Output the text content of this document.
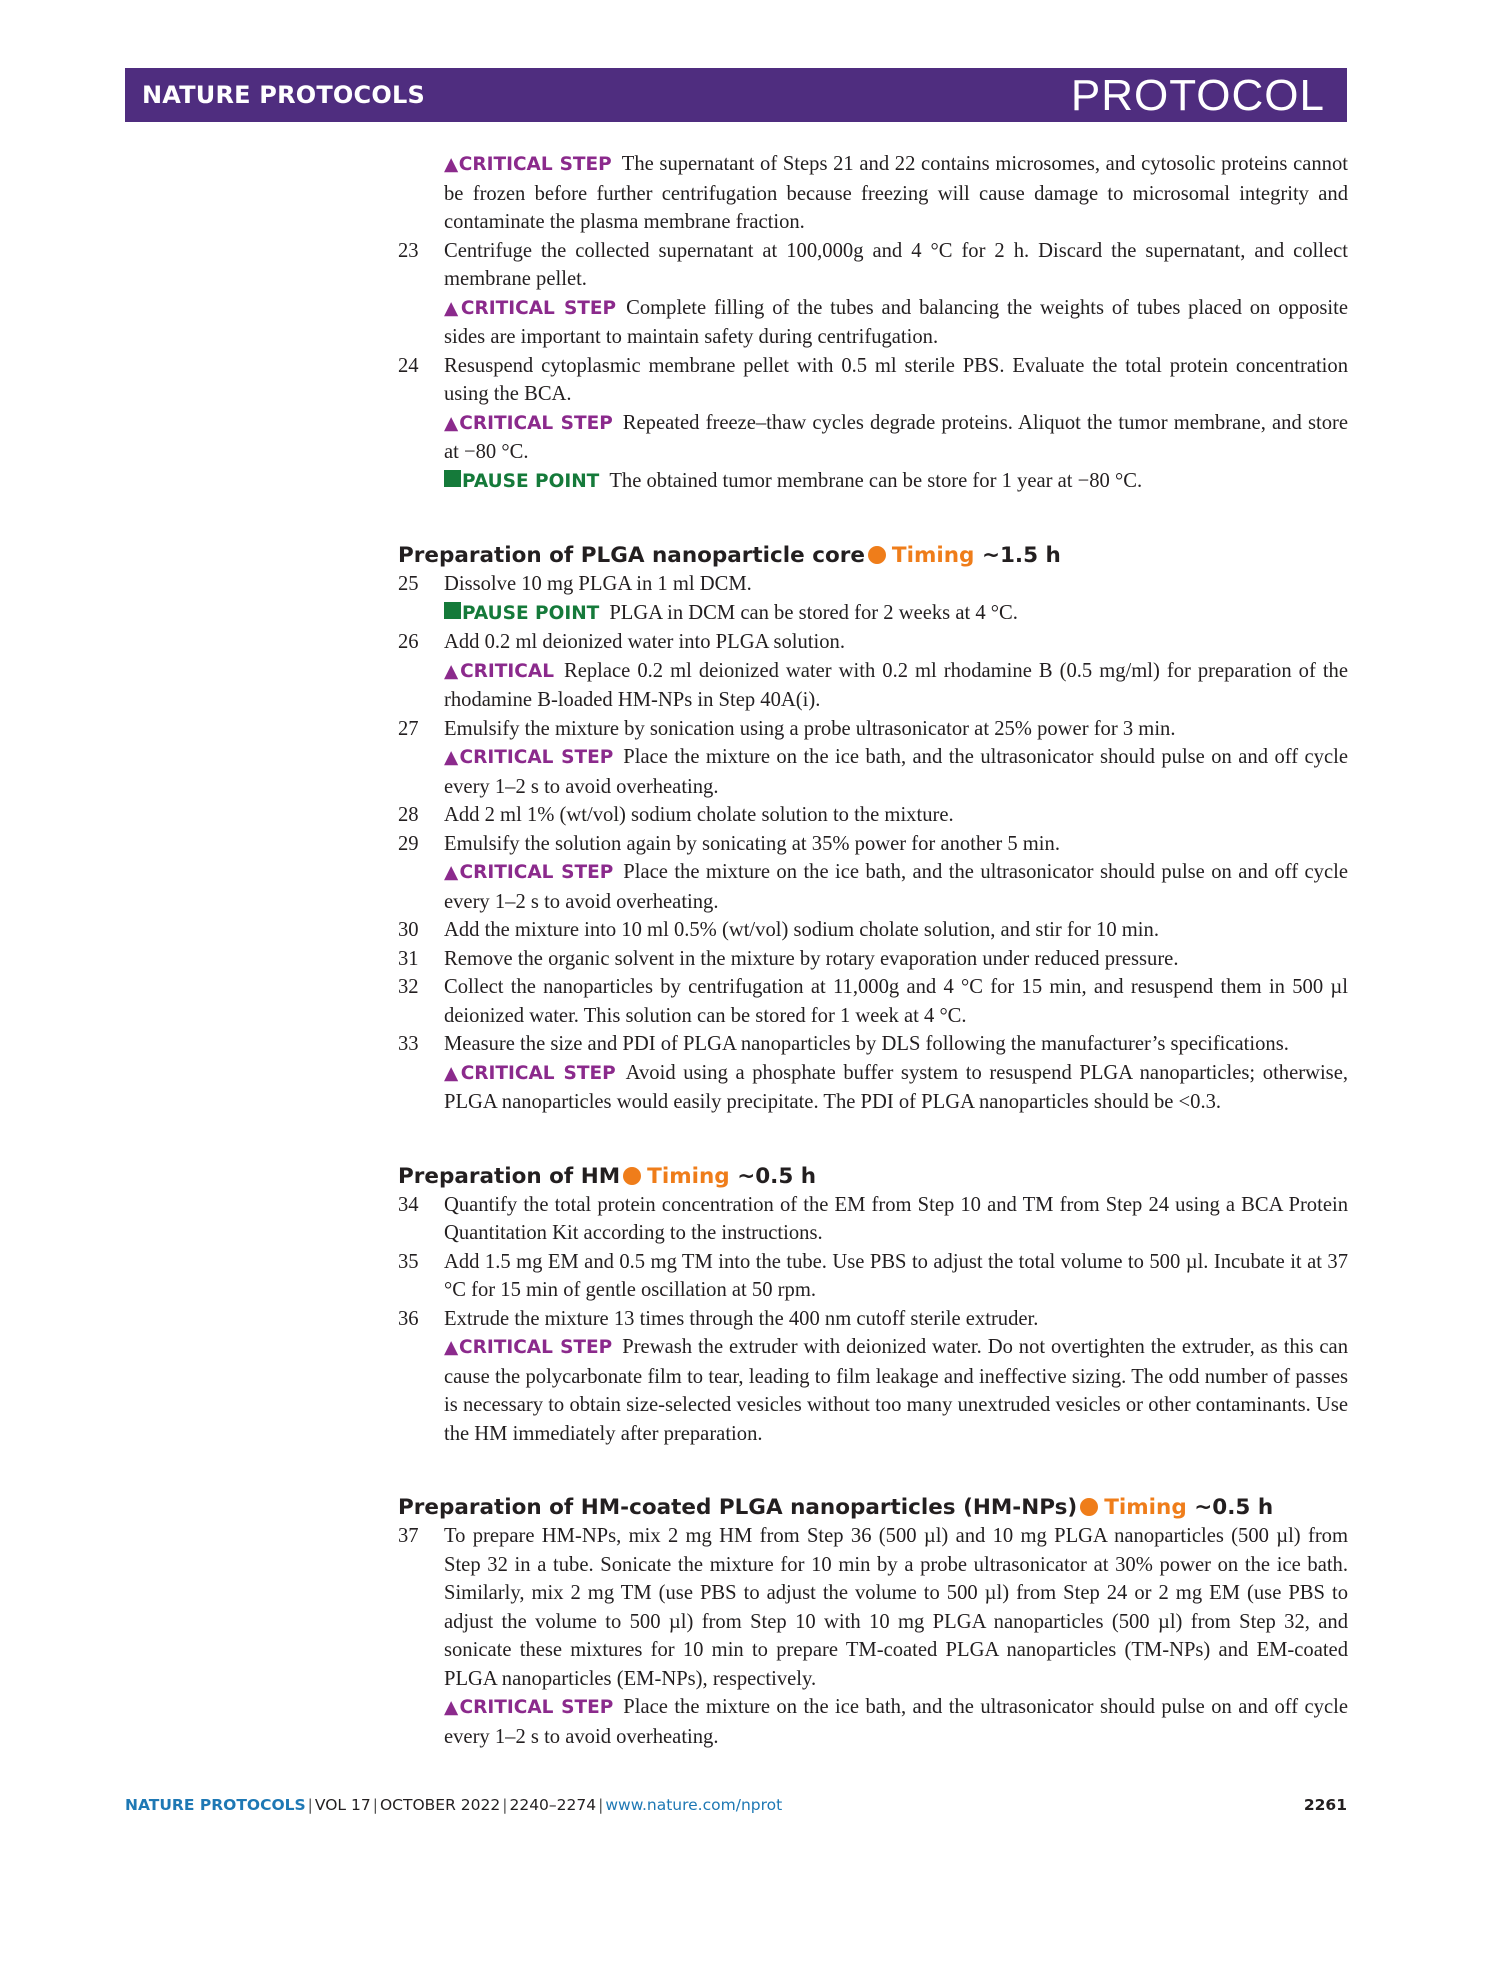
NATURE PROTOCOLS	PROTOCOL
▲CRITICAL STEP The supernatant of Steps 21 and 22 contains microsomes, and cytosolic proteins cannot be frozen before further centrifugation because freezing will cause damage to microsomal integrity and contaminate the plasma membrane fraction.
23 Centrifuge the collected supernatant at 100,000g and 4 °C for 2 h. Discard the supernatant, and collect membrane pellet.
▲CRITICAL STEP Complete filling of the tubes and balancing the weights of tubes placed on opposite sides are important to maintain safety during centrifugation.
24 Resuspend cytoplasmic membrane pellet with 0.5 ml sterile PBS. Evaluate the total protein concentration using the BCA.
▲CRITICAL STEP Repeated freeze–thaw cycles degrade proteins. Aliquot the tumor membrane, and store at −80 °C.
PAUSE POINT The obtained tumor membrane can be store for 1 year at −80 °C.
Preparation of PLGA nanoparticle core Timing ~1.5 h
25 Dissolve 10 mg PLGA in 1 ml DCM.
PAUSE POINT PLGA in DCM can be stored for 2 weeks at 4 °C.
26 Add 0.2 ml deionized water into PLGA solution.
▲CRITICAL Replace 0.2 ml deionized water with 0.2 ml rhodamine B (0.5 mg/ml) for preparation of the rhodamine B-loaded HM-NPs in Step 40A(i).
27 Emulsify the mixture by sonication using a probe ultrasonicator at 25% power for 3 min.
▲CRITICAL STEP Place the mixture on the ice bath, and the ultrasonicator should pulse on and off cycle every 1–2 s to avoid overheating.
28 Add 2 ml 1% (wt/vol) sodium cholate solution to the mixture.
29 Emulsify the solution again by sonicating at 35% power for another 5 min.
▲CRITICAL STEP Place the mixture on the ice bath, and the ultrasonicator should pulse on and off cycle every 1–2 s to avoid overheating.
30 Add the mixture into 10 ml 0.5% (wt/vol) sodium cholate solution, and stir for 10 min.
31 Remove the organic solvent in the mixture by rotary evaporation under reduced pressure.
32 Collect the nanoparticles by centrifugation at 11,000g and 4 °C for 15 min, and resuspend them in 500 µl deionized water. This solution can be stored for 1 week at 4 °C.
33 Measure the size and PDI of PLGA nanoparticles by DLS following the manufacturer’s specifications.
▲CRITICAL STEP Avoid using a phosphate buffer system to resuspend PLGA nanoparticles; otherwise, PLGA nanoparticles would easily precipitate. The PDI of PLGA nanoparticles should be <0.3.
Preparation of HM Timing ~0.5 h
34 Quantify the total protein concentration of the EM from Step 10 and TM from Step 24 using a BCA Protein Quantitation Kit according to the instructions.
35 Add 1.5 mg EM and 0.5 mg TM into the tube. Use PBS to adjust the total volume to 500 µl. Incubate it at 37 °C for 15 min of gentle oscillation at 50 rpm.
36 Extrude the mixture 13 times through the 400 nm cutoff sterile extruder.
▲CRITICAL STEP Prewash the extruder with deionized water. Do not overtighten the extruder, as this can cause the polycarbonate film to tear, leading to film leakage and ineffective sizing. The odd number of passes is necessary to obtain size-selected vesicles without too many unextruded vesicles or other contaminants. Use the HM immediately after preparation.
Preparation of HM-coated PLGA nanoparticles (HM-NPs) Timing ~0.5 h
37 To prepare HM-NPs, mix 2 mg HM from Step 36 (500 µl) and 10 mg PLGA nanoparticles (500 µl) from Step 32 in a tube. Sonicate the mixture for 10 min by a probe ultrasonicator at 30% power on the ice bath. Similarly, mix 2 mg TM (use PBS to adjust the volume to 500 µl) from Step 24 or 2 mg EM (use PBS to adjust the volume to 500 µl) from Step 10 with 10 mg PLGA nanoparticles (500 µl) from Step 32, and sonicate these mixtures for 10 min to prepare TM-coated PLGA nanoparticles (TM-NPs) and EM-coated PLGA nanoparticles (EM-NPs), respectively.
▲CRITICAL STEP Place the mixture on the ice bath, and the ultrasonicator should pulse on and off cycle every 1–2 s to avoid overheating.
NATURE PROTOCOLS | VOL 17 | OCTOBER 2022 | 2240–2274 | www.nature.com/nprot	2261
